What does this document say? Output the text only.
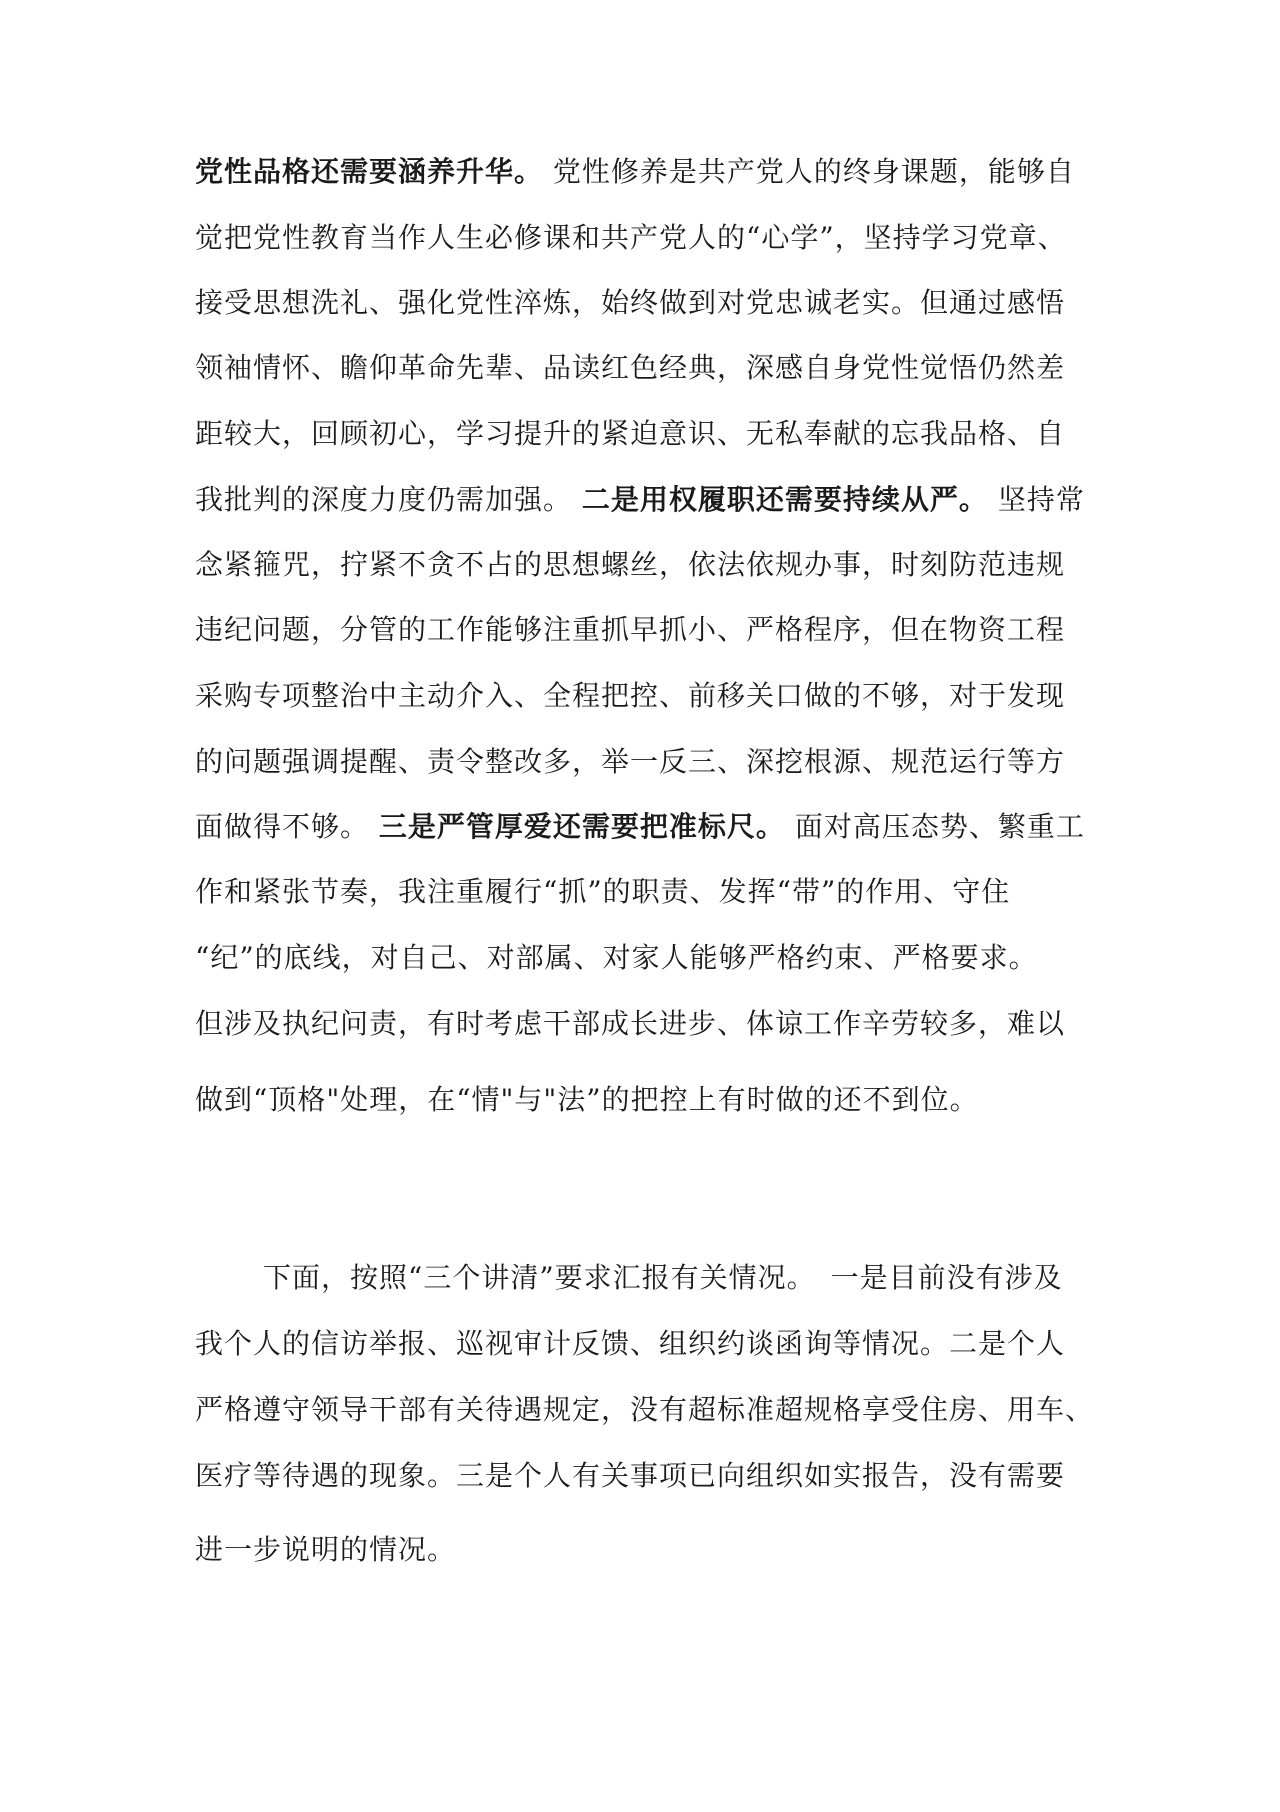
党性品格还需要涵养升华。 党性修养是共产党人的终身课题，能够自
觉把党性教育当作人生必修课和共产党人的“心学”，坚持学习党章、
接受思想洗礼、强化党性淬炼，始终做到对党忠诚老实。但通过感悟
领袖情怀、瞻仰革命先辈、品读红色经典，深感自身党性觉悟仍然差
距较大，回顾初心，学习提升的紧迫意识、无私奉献的忘我品格、自
我批判的深度力度仍需加强。 二是用权履职还需要持续从严。 坚持常
念紧箍咒，拧紧不贪不占的思想螺丝，依法依规办事，时刻防范违规
违纪问题，分管的工作能够注重抓早抓小、严格程序，但在物资工程
采购专项整治中主动介入、全程把控、前移关口做的不够，对于发现
的问题强调提醒、责令整改多，举一反三、深挖根源、规范运行等方
面做得不够。 三是严管厚爱还需要把准标尺。 面对高压态势、繁重工
作和紧张节奏，我注重履行“抓”的职责、发挥“带”的作用、守住
“纪”的底线，对自己、对部属、对家人能够严格约束、严格要求。
但涉及执纪问责，有时考虑干部成长进步、体谅工作辛劳较多，难以
做到“顶格"处理，在“情"与"法”的把控上有时做的还不到位。
下面，按照“三个讲清”要求汇报有关情况。　一是目前没有涉及
我个人的信访举报、巡视审计反馈、组织约谈函询等情况。二是个人
严格遵守领导干部有关待遇规定，没有超标准超规格享受住房、用车、
医疗等待遇的现象。三是个人有关事项已向组织如实报告，没有需要
进一步说明的情况。
